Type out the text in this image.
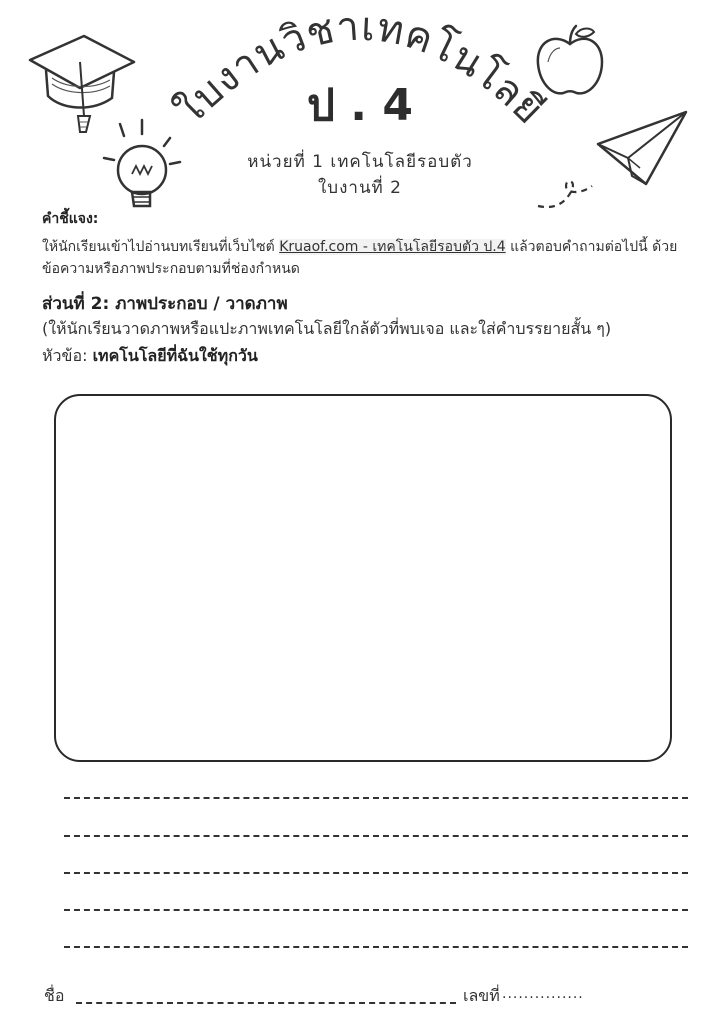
ใบงานวิชาเทคโนโลยี
ป . 4
หน่วยที่ 1 เทคโนโลยีรอบตัว
ใบงานที่ 2
คำชี้แจง:
ให้นักเรียนเข้าไปอ่านบทเรียนที่เว็บไซต์ Kruaof.com - เทคโนโลยีรอบตัว ป.4 แล้วตอบคำถามต่อไปนี้ ด้วยข้อความหรือภาพประกอบตามที่ช่องกำหนด
ส่วนที่ 2: ภาพประกอบ / วาดภาพ
(ให้นักเรียนวาดภาพหรือแปะภาพเทคโนโลยีใกล้ตัวที่พบเจอ และใส่คำบรรยายสั้น ๆ)
หัวข้อ: เทคโนโลยีที่ฉันใช้ทุกวัน
ชื่อ	เลขที่ ...............
